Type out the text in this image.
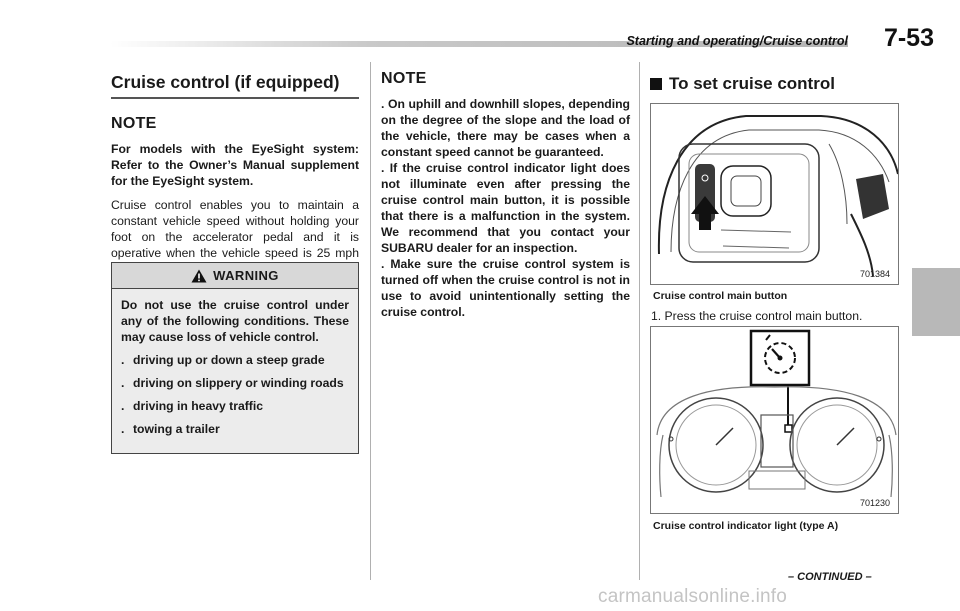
Starting and operating/Cruise control 7-53
Cruise control (if equipped)
NOTE

For models with the EyeSight system: Refer to the Owner’s Manual supplement for the EyeSight system.

Cruise control enables you to maintain a constant vehicle speed without holding your foot on the accelerator pedal and it is operative when the vehicle speed is 25 mph

WARNING

Do not use the cruise control under any of the following conditions. These may cause loss of vehicle control.

. driving up or down a steep grade
. driving on slippery or winding roads
. driving in heavy traffic
. towing a trailer
NOTE

. On uphill and downhill slopes, depending on the degree of the slope and the load of the vehicle, there may be cases when a constant speed cannot be guaranteed.

. If the cruise control indicator light does not illuminate even after pressing the cruise control main button, it is possible that there is a malfunction in the system. We recommend that you contact your SUBARU dealer for an inspection.

. Make sure the cruise control system is turned off when the cruise control is not in use to avoid unintentionally setting the cruise control.

To set cruise control
701384
Cruise control main button
1. Press the cruise control main button.
701230
Cruise control indicator light (type A)
– CONTINUED –
carmanualsonline.info
